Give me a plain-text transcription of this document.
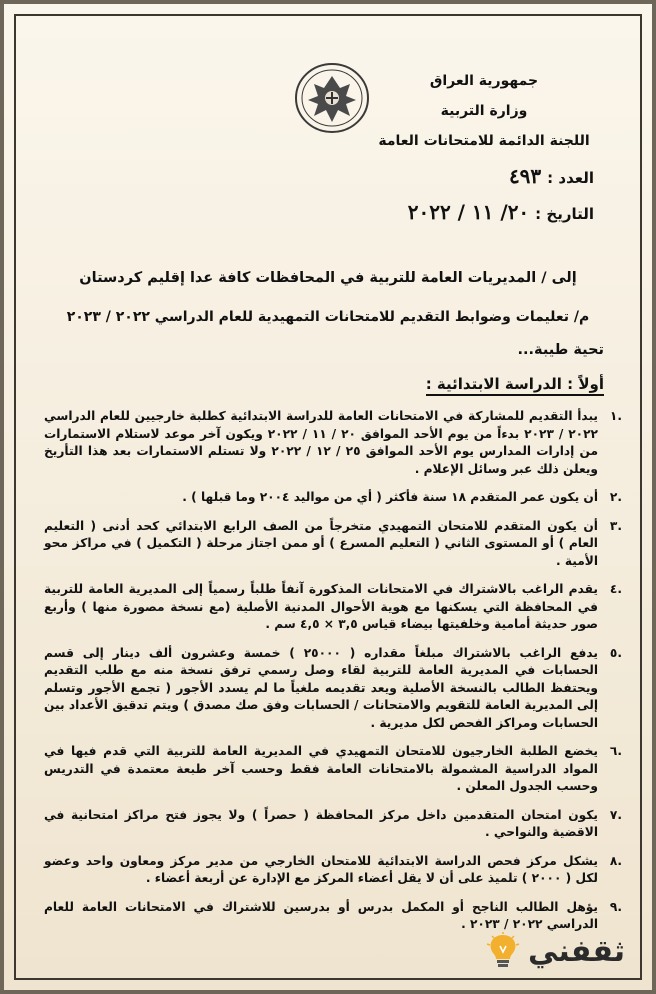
جمهورية العراق
وزارة التربية
اللجنة الدائمة للامتحانات العامة
العدد :
٤٩٣
التاريخ :
٢٠/ ١١ / ٢٠٢٢
إلى / المديريات العامة للتربية في المحافظات كافة عدا إقليم كردستان
م/ تعليمات وضوابط التقديم للامتحانات التمهيدية للعام الدراسي ٢٠٢٢ / ٢٠٢٣
تحية طيبة...
أولاً : الدراسة الابتدائية :
.١
يبدأ التقديم للمشاركة في الامتحانات العامة للدراسة الابتدائية كطلبة خارجيين للعام الدراسي ٢٠٢٢ / ٢٠٢٣ بدءاً من يوم الأحد الموافق ٢٠ / ١١ / ٢٠٢٢ ويكون آخر موعد لاستلام الاستمارات من إدارات المدارس يوم الأحد الموافق ٢٥ / ١٢ / ٢٠٢٢ ولا تستلم الاستمارات بعد هذا التأريخ ويعلن ذلك عبر وسائل الإعلام .
.٢
أن يكون عمر المتقدم ١٨ سنة فأكثر ( أي من مواليد ٢٠٠٤ وما قبلها ) .
.٣
أن يكون المتقدم للامتحان التمهيدي متخرجاً من الصف الرابع الابتدائي كحد أدنى ( التعليم العام ) أو المستوى الثاني ( التعليم المسرع ) أو ممن اجتاز مرحلة ( التكميل ) في مراكز محو الأمية .
.٤
يقدم الراغب بالاشتراك في الامتحانات المذكورة آنفاً طلباً رسمياً إلى المديرية العامة للتربية في المحافظة التي يسكنها مع هوية الأحوال المدنية الأصلية (مع نسخة مصورة منها ) وأربع صور حديثة أمامية وخلفيتها بيضاء قياس ٣,٥ × ٤,٥ سم .
.٥
يدفع الراغب بالاشتراك مبلغاً مقداره ( ٢٥٠٠٠ ) خمسة وعشرون ألف دينار إلى قسم الحسابات في المديرية العامة للتربية لقاء وصل رسمي ترفق نسخة منه مع طلب التقديم ويحتفظ الطالب بالنسخة الأصلية ويعد تقديمه ملغياً ما لم يسدد الأجور ( تجمع الأجور وتسلم إلى المديرية العامة للتقويم والامتحانات / الحسابات وفق صك مصدق ) ويتم تدقيق الأعداد بين الحسابات ومراكز الفحص لكل مديرية .
.٦
يخضع الطلبة الخارجيون للامتحان التمهيدي في المديرية العامة للتربية التي قدم فيها في المواد الدراسية المشمولة بالامتحانات العامة فقط وحسب آخر طبعة معتمدة في التدريس وحسب الجدول المعلن .
.٧
يكون امتحان المتقدمين داخل مركز المحافظة ( حصراً ) ولا يجوز فتح مراكز امتحانية في الاقضية والنواحي .
.٨
يشكل مركز فحص الدراسة الابتدائية للامتحان الخارجي من مدير مركز ومعاون واحد وعضو لكل ( ٢٠٠٠ ) تلميذ على أن لا يقل أعضاء المركز مع الإدارة عن أربعة أعضاء .
.٩
يؤهل الطالب الناجح أو المكمل بدرس أو بدرسين للاشتراك في الامتحانات العامة للعام الدراسي ٢٠٢٢ / ٢٠٢٣ .
ثقفني
